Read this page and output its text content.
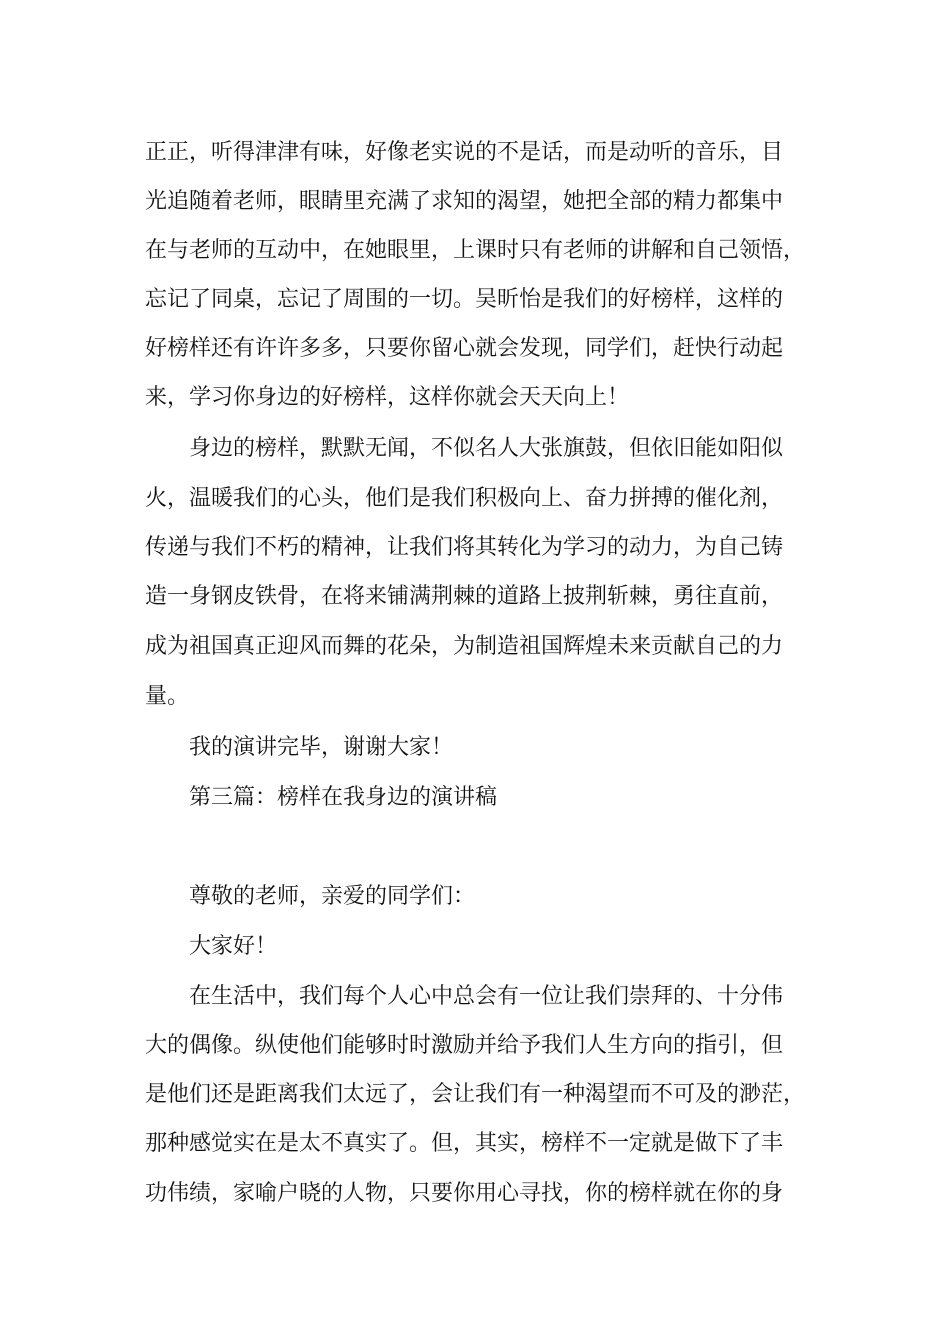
正正，听得津津有味，好像老实说的不是话，而是动听的音乐，目
光追随着老师，眼睛里充满了求知的渴望，她把全部的精力都集中
在与老师的互动中，在她眼里，上课时只有老师的讲解和自己领悟，
忘记了同桌，忘记了周围的一切。吴昕怡是我们的好榜样，这样的
好榜样还有许许多多，只要你留心就会发现，同学们，赶快行动起
来，学习你身边的好榜样，这样你就会天天向上！
身边的榜样，默默无闻，不似名人大张旗鼓，但依旧能如阳似
火，温暖我们的心头，他们是我们积极向上、奋力拼搏的催化剂，
传递与我们不朽的精神，让我们将其转化为学习的动力，为自己铸
造一身钢皮铁骨，在将来铺满荆棘的道路上披荆斩棘，勇往直前，
成为祖国真正迎风而舞的花朵，为制造祖国辉煌未来贡献自己的力
量。
我的演讲完毕，谢谢大家！
第三篇：榜样在我身边的演讲稿
尊敬的老师，亲爱的同学们：
大家好！
在生活中，我们每个人心中总会有一位让我们崇拜的、十分伟
大的偶像。纵使他们能够时时激励并给予我们人生方向的指引，但
是他们还是距离我们太远了，会让我们有一种渴望而不可及的渺茫，
那种感觉实在是太不真实了。但，其实，榜样不一定就是做下了丰
功伟绩，家喻户晓的人物，只要你用心寻找，你的榜样就在你的身
